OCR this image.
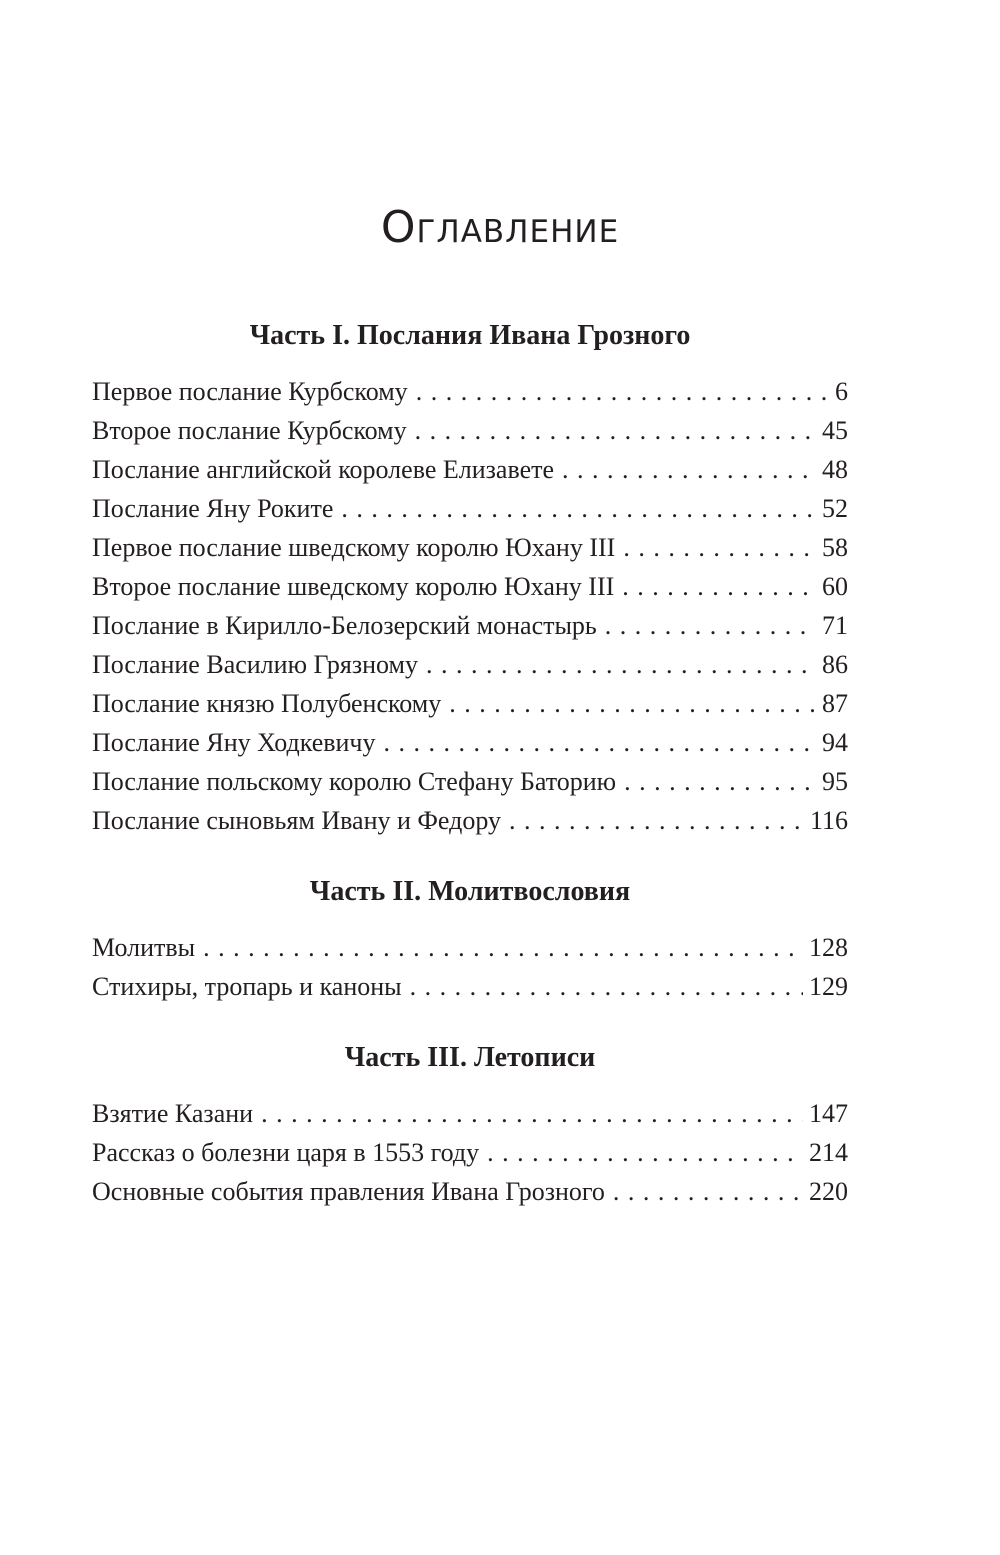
Оглавление
Часть I. Послания Ивана Грозного
Первое послание Курбскому . . .	6
Второе послание Курбскому . . .	45
Послание английской королеве Елизавете . . .	48
Послание Яну Роките . . .	52
Первое послание шведскому королю Юхану III . . .	58
Второе послание шведскому королю Юхану III . . .	60
Послание в Кирилло-Белозерский монастырь . . .	71
Послание Василию Грязному . . .	86
Послание князю Полубенскому . . .	87
Послание Яну Ходкевичу . . .	94
Послание польскому королю Стефану Баторию . . .	95
Послание сыновьям Ивану и Федору . . .	116
Часть II. Молитвословия
Молитвы . . .	128
Стихиры, тропарь и каноны . . .	129
Часть III. Летописи
Взятие Казани . . .	147
Рассказ о болезни царя в 1553 году . . .	214
Основные события правления Ивана Грозного . . .	220
